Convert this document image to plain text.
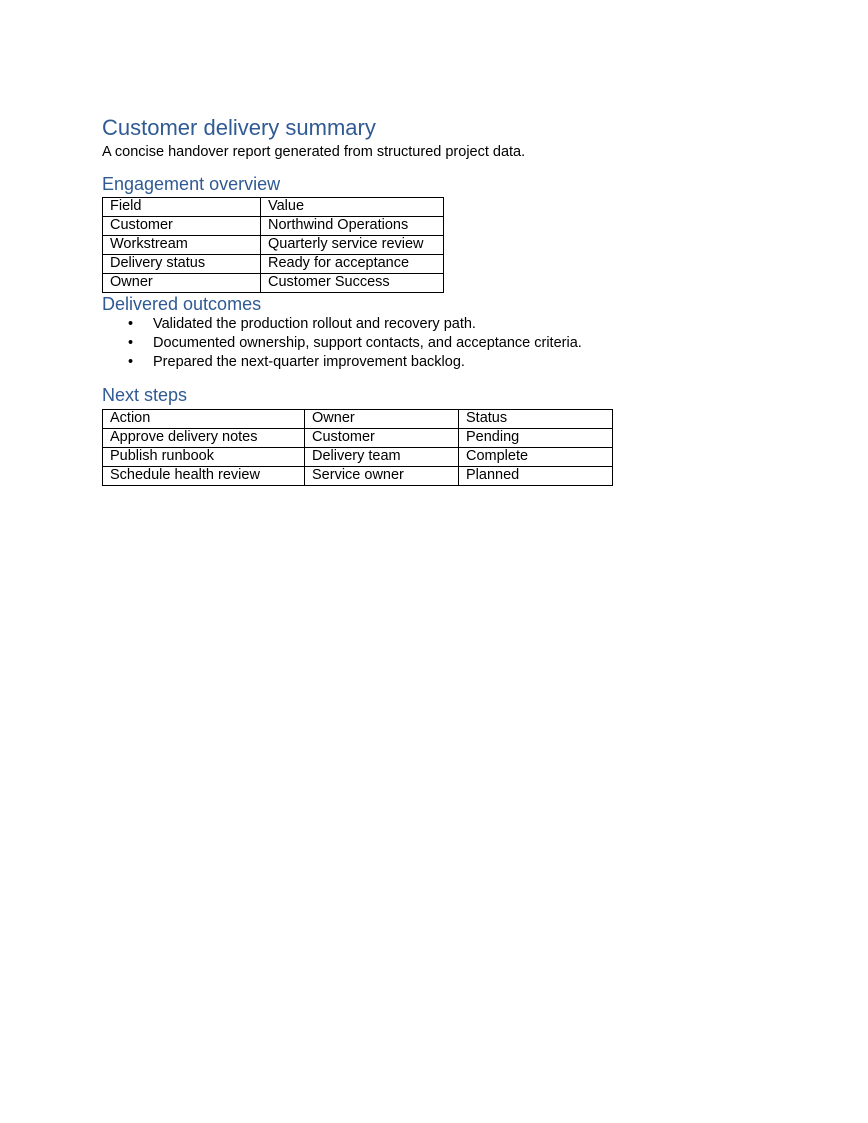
Customer delivery summary

A concise handover report generated from structured project data.

Engagement overview
Field	Value
Customer	Northwind Operations
Workstream	Quarterly service review
Delivery status	Ready for acceptance
Owner	Customer Success
Delivered outcomes
• Validated the production rollout and recovery path.
• Documented ownership, support contacts, and acceptance criteria.
• Prepared the next-quarter improvement backlog.
Next steps
Action	Owner	Status
Approve delivery notes	Customer	Pending
Publish runbook	Delivery team	Complete
Schedule health review	Service owner	Planned
